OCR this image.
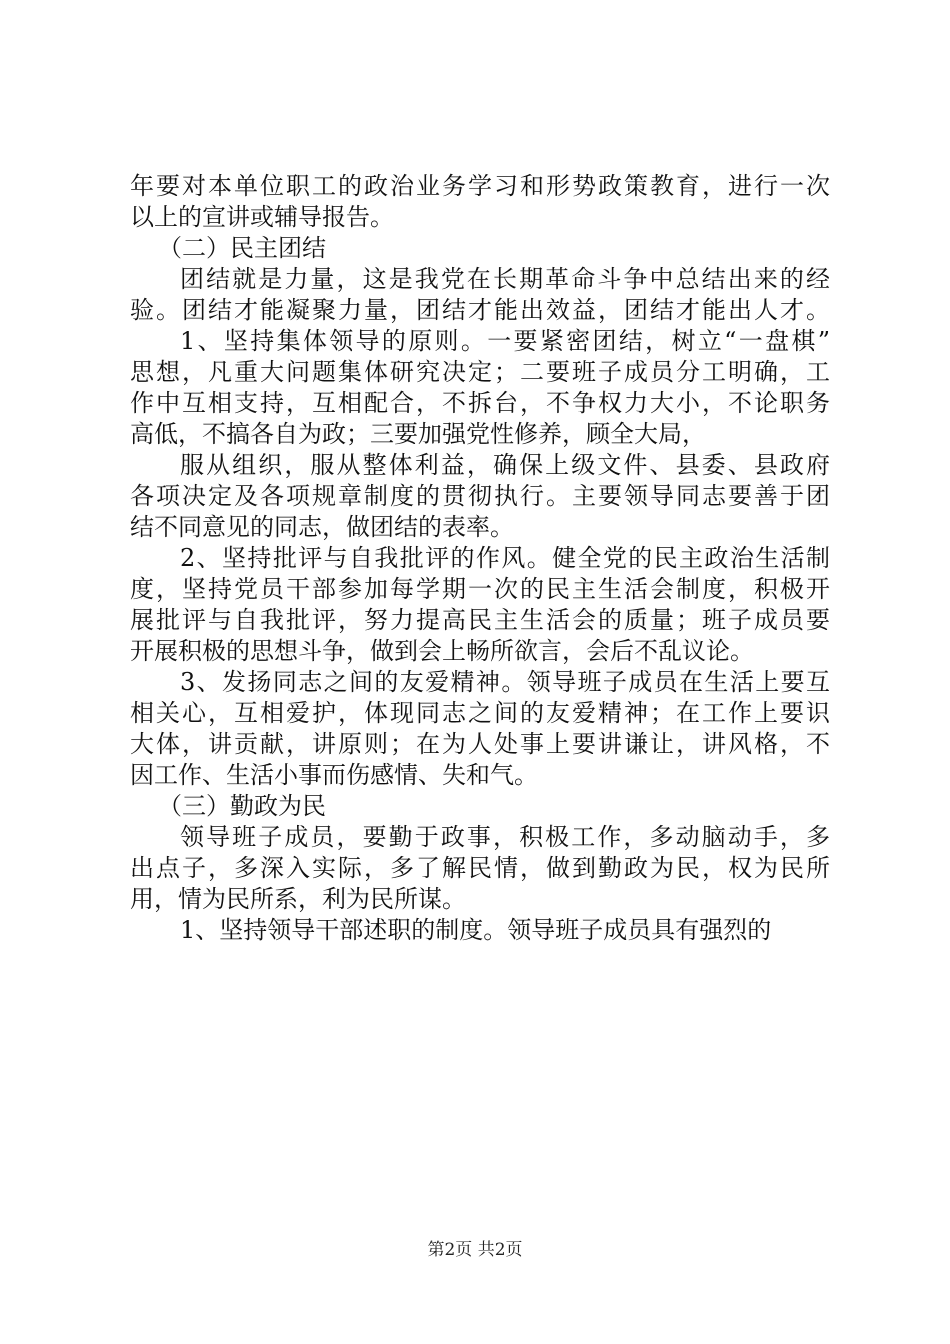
年要对本单位职工的政治业务学习和形势政策教育，进行一次
以上的宣讲或辅导报告。
（二）民主团结
团结就是力量，这是我党在长期革命斗争中总结出来的经
验。团结才能凝聚力量，团结才能出效益，团结才能出人才。
1、坚持集体领导的原则。一要紧密团结，树立“一盘棋”
思想，凡重大问题集体研究决定；二要班子成员分工明确，工
作中互相支持，互相配合，不拆台，不争权力大小，不论职务
高低，不搞各自为政；三要加强党性修养，顾全大局，
服从组织，服从整体利益，确保上级文件、县委、县政府
各项决定及各项规章制度的贯彻执行。主要领导同志要善于团
结不同意见的同志，做团结的表率。
2、坚持批评与自我批评的作风。健全党的民主政治生活制
度，坚持党员干部参加每学期一次的民主生活会制度，积极开
展批评与自我批评，努力提高民主生活会的质量；班子成员要
开展积极的思想斗争，做到会上畅所欲言，会后不乱议论。
3、发扬同志之间的友爱精神。领导班子成员在生活上要互
相关心，互相爱护，体现同志之间的友爱精神；在工作上要识
大体，讲贡献，讲原则；在为人处事上要讲谦让，讲风格，不
因工作、生活小事而伤感情、失和气。
（三）勤政为民
领导班子成员，要勤于政事，积极工作，多动脑动手，多
出点子，多深入实际，多了解民情，做到勤政为民，权为民所
用，情为民所系，利为民所谋。
1、坚持领导干部述职的制度。领导班子成员具有强烈的
第2页 共2页
